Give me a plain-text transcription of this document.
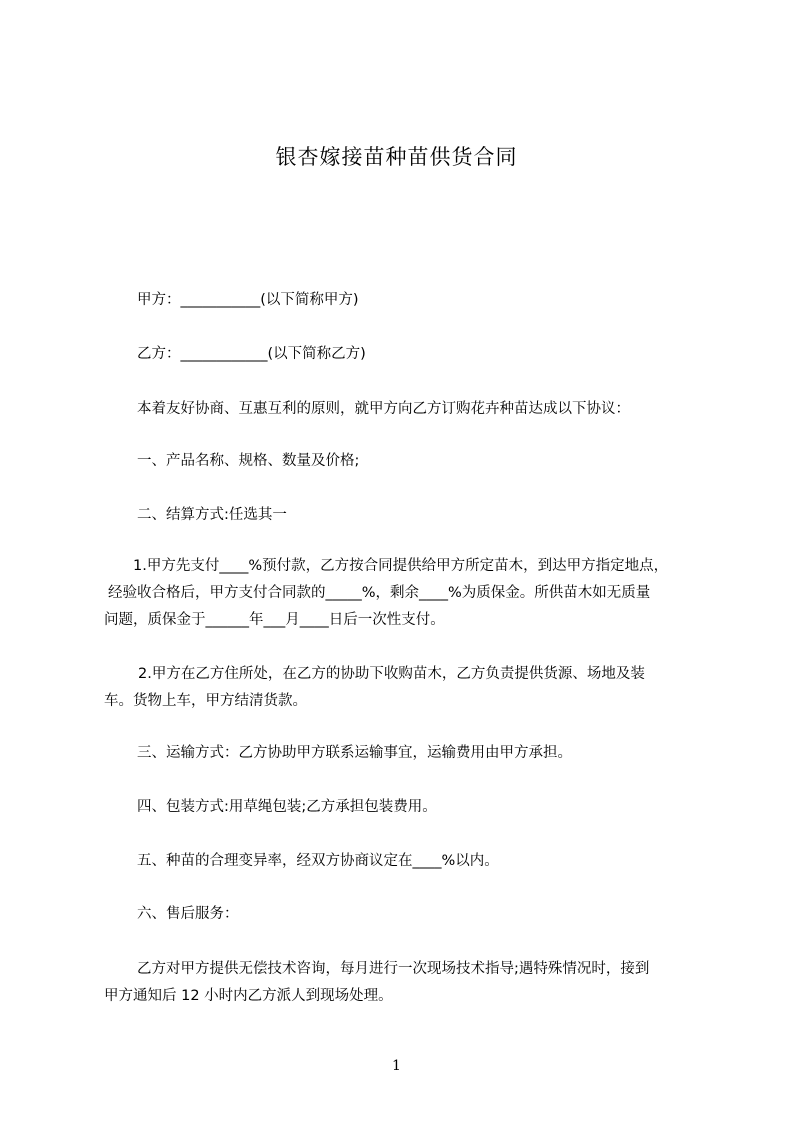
银杏嫁接苗种苗供货合同

甲方：___________(以下简称甲方)

乙方：____________(以下简称乙方)

本着友好协商、互惠互利的原则，就甲方向乙方订购花卉种苗达成以下协议：

一、产品名称、规格、数量及价格;

二、结算方式:任选其一

1.甲方先支付____%预付款，乙方按合同提供给甲方所定苗木，到达甲方指定地点，

经验收合格后，甲方支付合同款的_____%，剩余____%为质保金。所供苗木如无质量

问题，质保金于______年___月____日后一次性支付。

2.甲方在乙方住所处，在乙方的协助下收购苗木，乙方负责提供货源、场地及装

车。货物上车，甲方结清货款。

三、运输方式：乙方协助甲方联系运输事宜，运输费用由甲方承担。

四、包装方式:用草绳包装;乙方承担包装费用。

五、种苗的合理变异率，经双方协商议定在____%以内。

六、售后服务：

乙方对甲方提供无偿技术咨询，每月进行一次现场技术指导;遇特殊情况时，接到

甲方通知后 12 小时内乙方派人到现场处理。

1
